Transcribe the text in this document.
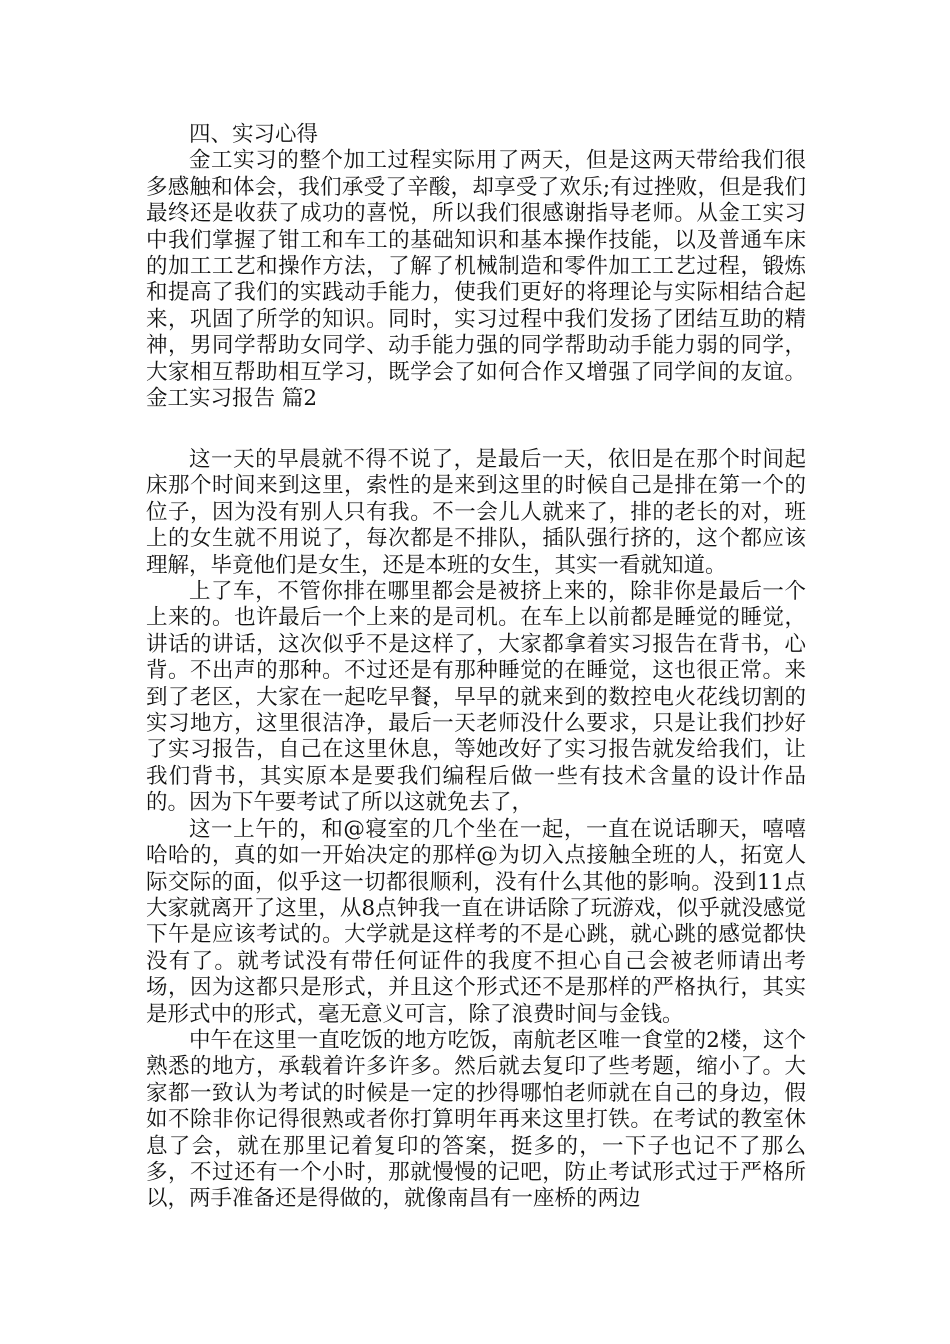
四、实习心得

金工实习的整个加工过程实际用了两天，但是这两天带给我们很多感触和体会，我们承受了辛酸，却享受了欢乐;有过挫败，但是我们最终还是收获了成功的喜悦，所以我们很感谢指导老师。从金工实习中我们掌握了钳工和车工的基础知识和基本操作技能，以及普通车床的加工工艺和操作方法，了解了机械制造和零件加工工艺过程，锻炼和提高了我们的实践动手能力，使我们更好的将理论与实际相结合起来，巩固了所学的知识。同时，实习过程中我们发扬了团结互助的精神，男同学帮助女同学、动手能力强的同学帮助动手能力弱的同学，大家相互帮助相互学习，既学会了如何合作又增强了同学间的友谊。金工实习报告 篇2

这一天的早晨就不得不说了，是最后一天，依旧是在那个时间起床那个时间来到这里，索性的是来到这里的时候自己是排在第一个的位子，因为没有别人只有我。不一会儿人就来了，排的老长的对，班上的女生就不用说了，每次都是不排队，插队强行挤的，这个都应该理解，毕竟他们是女生，还是本班的女生，其实一看就知道。

上了车，不管你排在哪里都会是被挤上来的，除非你是最后一个上来的。也许最后一个上来的是司机。在车上以前都是睡觉的睡觉，讲话的讲话，这次似乎不是这样了，大家都拿着实习报告在背书，心背。不出声的那种。不过还是有那种睡觉的在睡觉，这也很正常。来到了老区，大家在一起吃早餐，早早的就来到的数控电火花线切割的实习地方，这里很洁净，最后一天老师没什么要求，只是让我们抄好了实习报告，自己在这里休息，等她改好了实习报告就发给我们，让我们背书，其实原本是要我们编程后做一些有技术含量的设计作品的。因为下午要考试了所以这就免去了，

这一上午的，和@寝室的几个坐在一起，一直在说话聊天，嘻嘻哈哈的，真的如一开始决定的那样@为切入点接触全班的人，拓宽人际交际的面，似乎这一切都很顺利，没有什么其他的影响。没到11点大家就离开了这里，从8点钟我一直在讲话除了玩游戏，似乎就没感觉下午是应该考试的。大学就是这样考的不是心跳，就心跳的感觉都快没有了。就考试没有带任何证件的我度不担心自己会被老师请出考场，因为这都只是形式，并且这个形式还不是那样的严格执行，其实是形式中的形式，毫无意义可言，除了浪费时间与金钱。

中午在这里一直吃饭的地方吃饭，南航老区唯一食堂的2楼，这个熟悉的地方，承载着许多许多。然后就去复印了些考题，缩小了。大家都一致认为考试的时候是一定的抄得哪怕老师就在自己的身边，假如不除非你记得很熟或者你打算明年再来这里打铁。在考试的教室休息了会，就在那里记着复印的答案，挺多的，一下子也记不了那么多，不过还有一个小时，那就慢慢的记吧，防止考试形式过于严格所以，两手准备还是得做的，就像南昌有一座桥的两边
